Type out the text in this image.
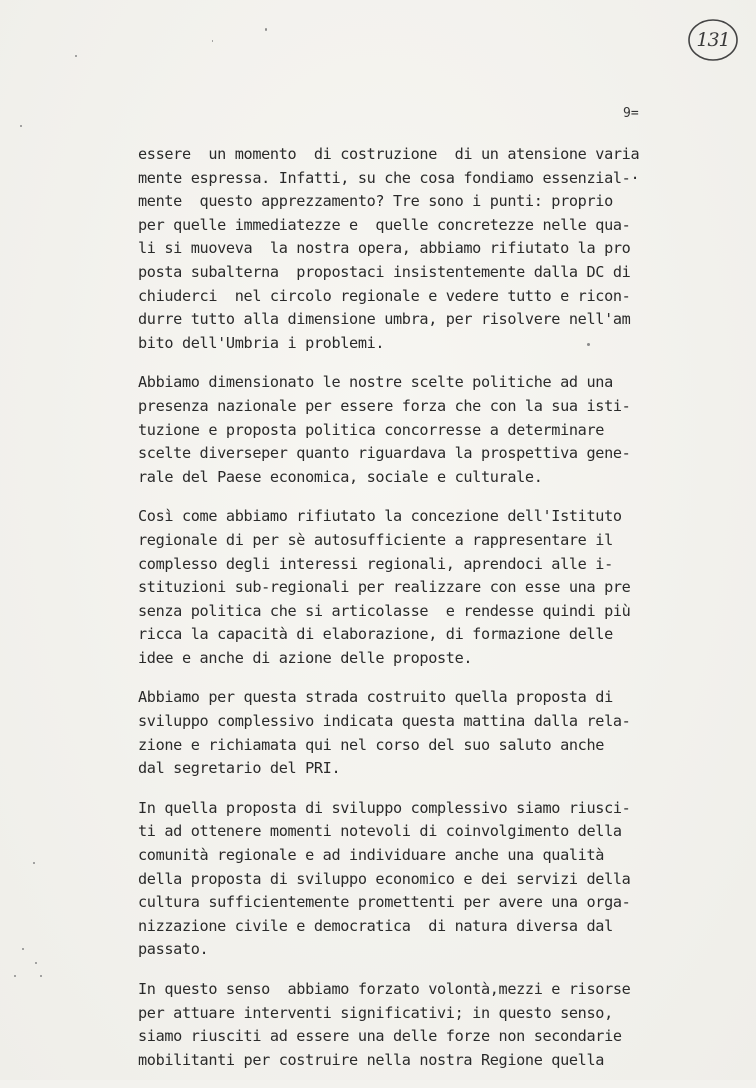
131
9=
essere  un momento  di costruzione  di un atensione varia
mente espressa. Infatti, su che cosa fondiamo essenzial-·
mente  questo apprezzamento? Tre sono i punti: proprio
per quelle immediatezze e  quelle concretezze nelle qua-
li si muoveva  la nostra opera, abbiamo rifiutato la pro
posta subalterna  propostaci insistentemente dalla DC di
chiuderci  nel circolo regionale e vedere tutto e ricon-
durre tutto alla dimensione umbra, per risolvere nell'am
bito dell'Umbria i problemi.
Abbiamo dimensionato le nostre scelte politiche ad una
presenza nazionale per essere forza che con la sua isti-
tuzione e proposta politica concorresse a determinare
scelte diverseper quanto riguardava la prospettiva gene-
rale del Paese economica, sociale e culturale.
Così come abbiamo rifiutato la concezione dell'Istituto
regionale di per sè autosufficiente a rappresentare il
complesso degli interessi regionali, aprendoci alle i-
stituzioni sub-regionali per realizzare con esse una pre
senza politica che si articolasse  e rendesse quindi più
ricca la capacità di elaborazione, di formazione delle
idee e anche di azione delle proposte.
Abbiamo per questa strada costruito quella proposta di
sviluppo complessivo indicata questa mattina dalla rela-
zione e richiamata qui nel corso del suo saluto anche
dal segretario del PRI.
In quella proposta di sviluppo complessivo siamo riusci-
ti ad ottenere momenti notevoli di coinvolgimento della
comunità regionale e ad individuare anche una qualità
della proposta di sviluppo economico e dei servizi della
cultura sufficientemente promettenti per avere una orga-
nizzazione civile e democratica  di natura diversa dal
passato.
In questo senso  abbiamo forzato volontà,mezzi e risorse
per attuare interventi significativi; in questo senso,
siamo riusciti ad essere una delle forze non secondarie
mobilitanti per costruire nella nostra Regione quella
